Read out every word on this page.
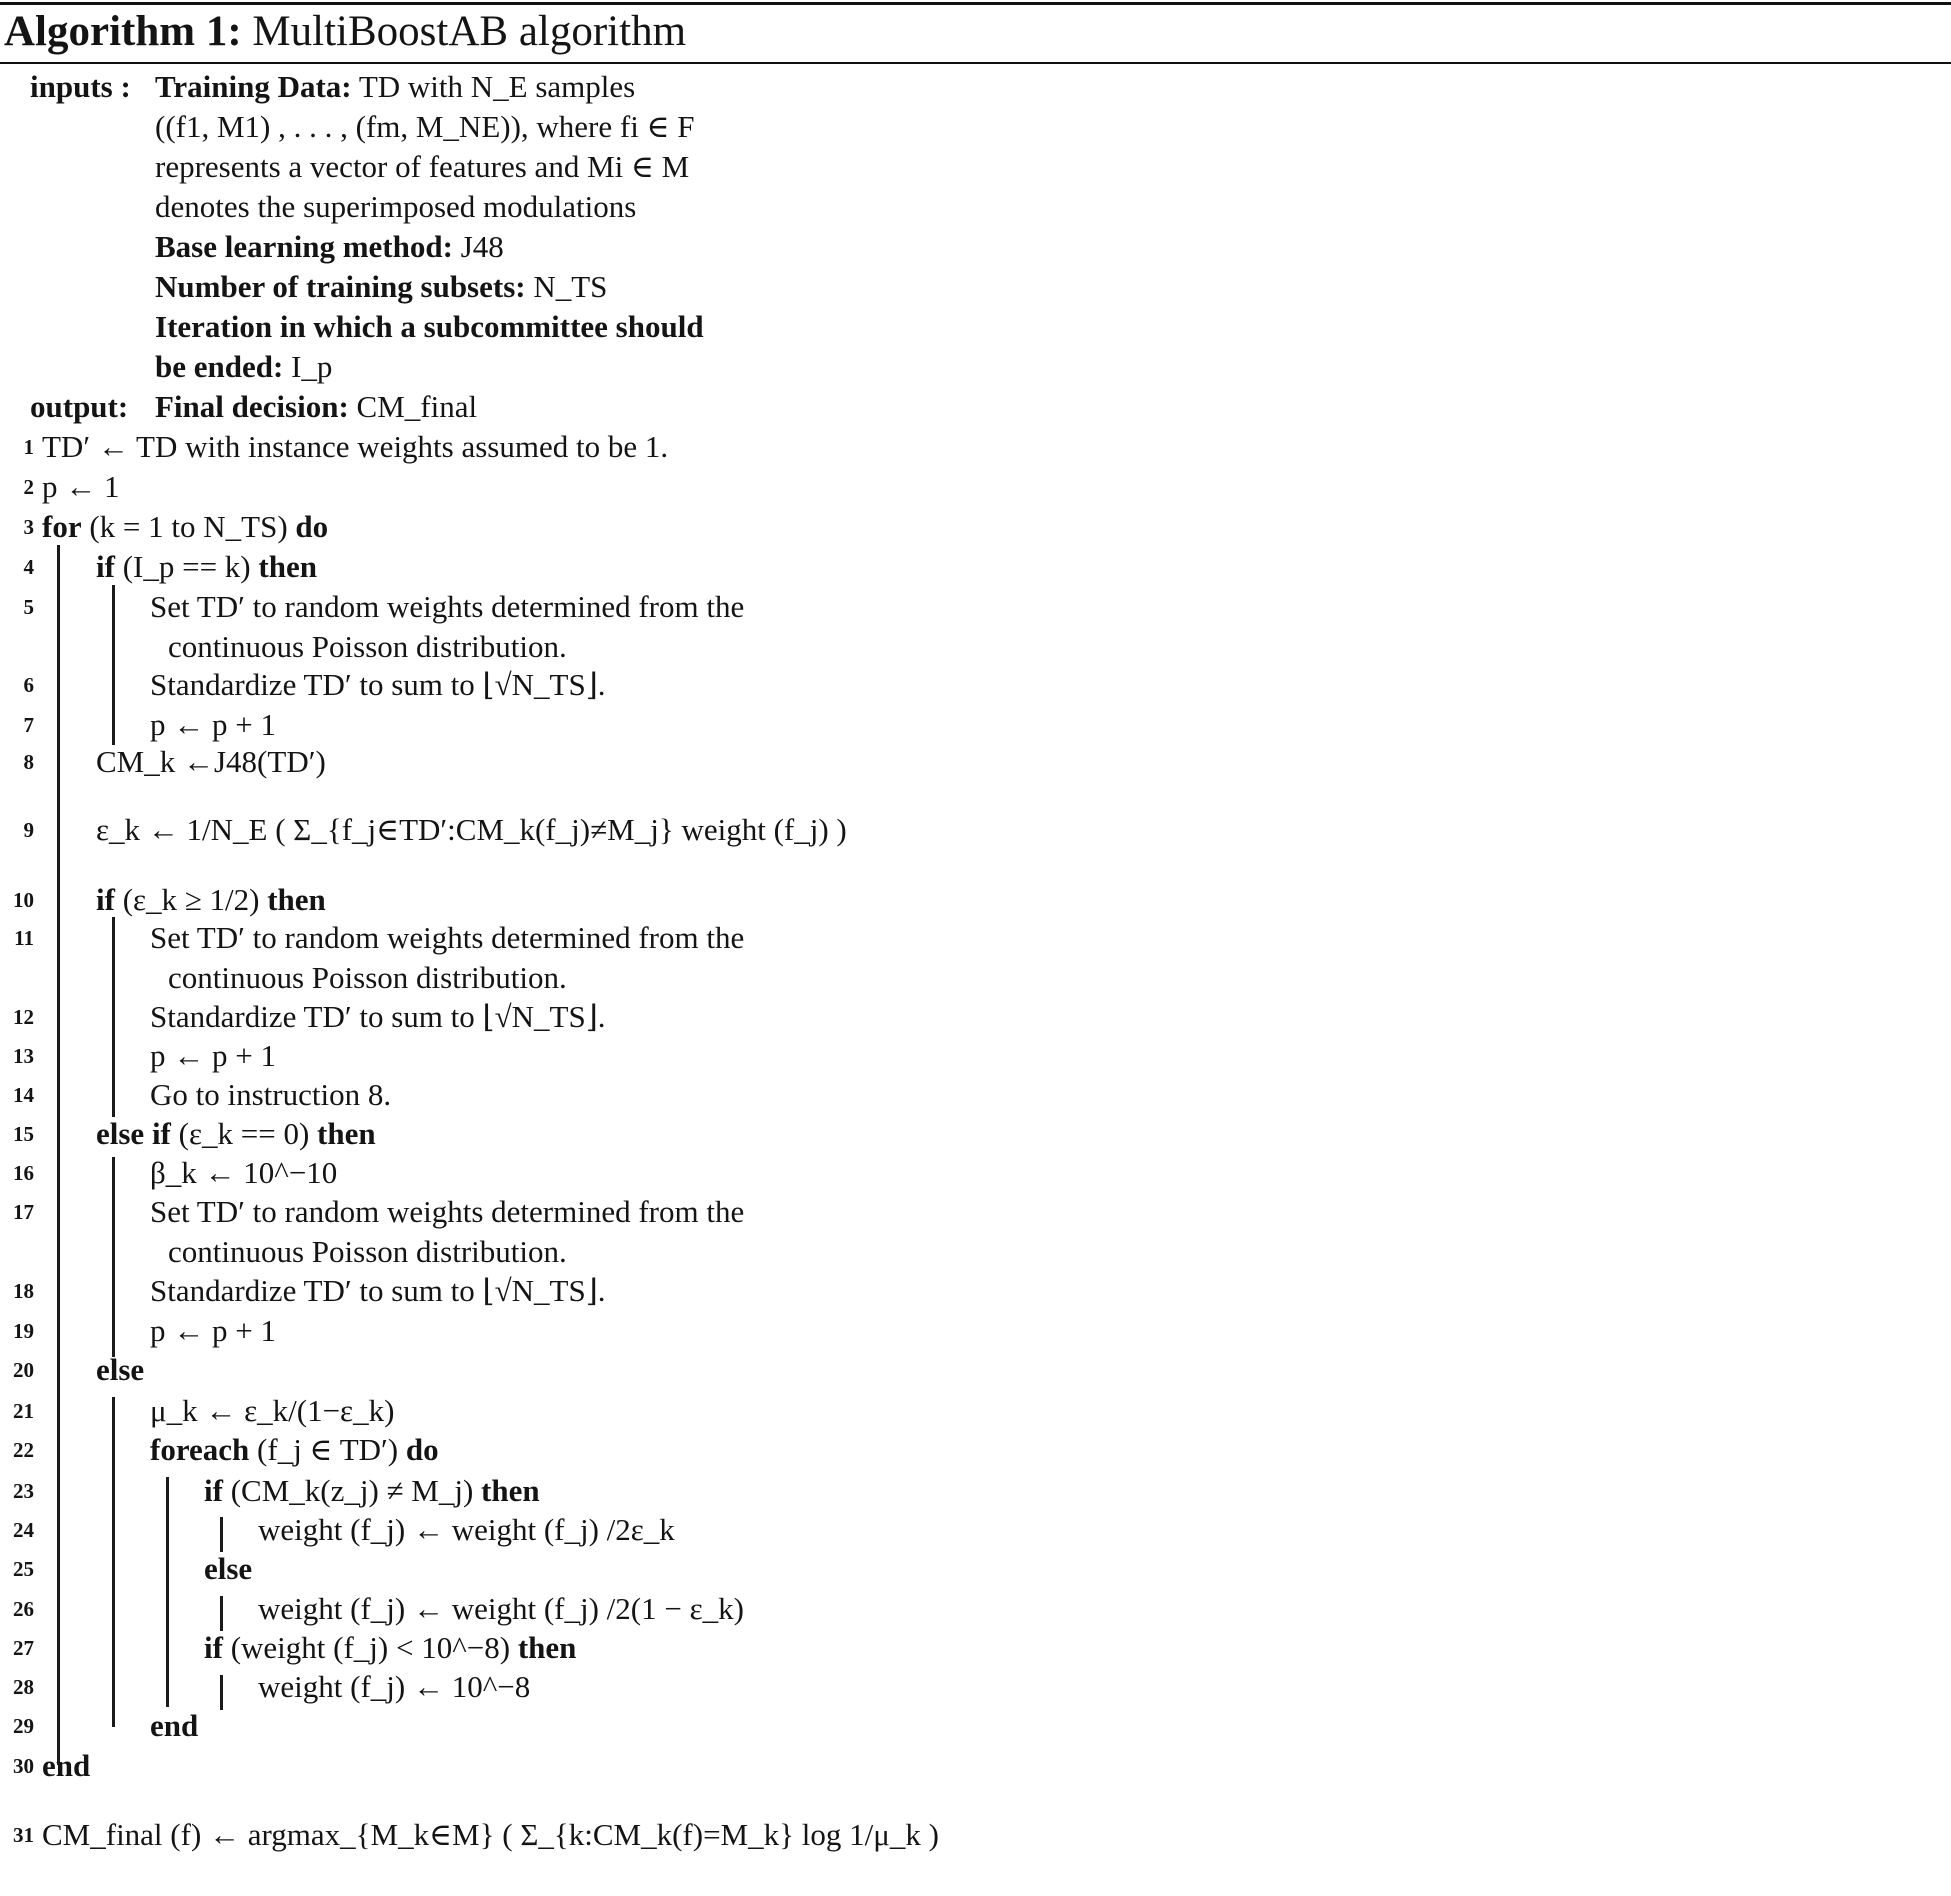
Algorithm 1: MultiBoostAB algorithm
inputs : Training Data: TD with N_E samples
((f1, M1) , . . . , (fm, M_NE)), where fi ∈ F
represents a vector of features and Mi ∈ M
denotes the superimposed modulations
Base learning method: J48
Number of training subsets: N_TS
Iteration in which a subcommittee should
be ended: I_p
output: Final decision: CM_final
1 TD′ ← TD with instance weights assumed to be 1.
2 p ← 1
3 for (k = 1 to N_TS) do
4 if (I_p == k) then
5	Set TD′ to random weights determined from the
continuous Poisson distribution.
6	Standardize TD′ to sum to ⌊√N_TS⌋.
7	p ← p + 1
8 CM_k ←J48(TD′)
9 ε_k ← 1/N_E ( Σ_{f_j∈TD′:CM_k(f_j)≠M_j} weight (f_j) )
10 if (ε_k ≥ 1/2) then
11	Set TD′ to random weights determined from the
continuous Poisson distribution.
12	Standardize TD′ to sum to ⌊√N_TS⌋.
13	p ← p + 1
14	Go to instruction 8.
15 else if (ε_k == 0) then
16	β_k ← 10^−10
17	Set TD′ to random weights determined from the
continuous Poisson distribution.
18	Standardize TD′ to sum to ⌊√N_TS⌋.
19	p ← p + 1
20 else
21	μ_k ← ε_k/(1−ε_k)
22	foreach (f_j ∈ TD′) do
23	if (CM_k(z_j) ≠ M_j) then
24	weight (f_j) ← weight (f_j) /2ε_k
25	else
26	weight (f_j) ← weight (f_j) /2(1 − ε_k)
27	if (weight (f_j) < 10^−8) then
28	weight (f_j) ← 10^−8
29	end
30 end
31 CM_final (f) ← argmax_{M_k∈M} ( Σ_{k:CM_k(f)=M_k} log 1/μ_k )
